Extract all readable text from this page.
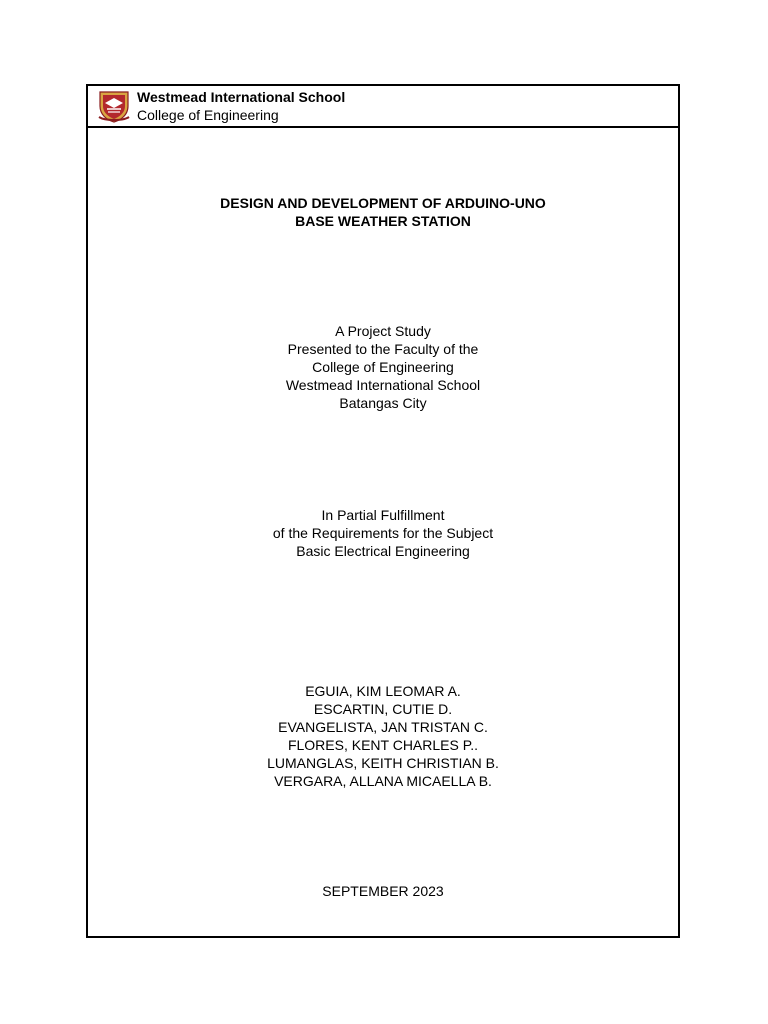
Westmead International School
College of Engineering
DESIGN AND DEVELOPMENT OF ARDUINO-UNO
BASE WEATHER STATION
A Project Study
Presented to the Faculty of the
College of Engineering
Westmead International School
Batangas City
In Partial Fulfillment
of the Requirements for the Subject
Basic Electrical Engineering
EGUIA, KIM LEOMAR A.
ESCARTIN, CUTIE D.
EVANGELISTA, JAN TRISTAN C.
FLORES, KENT CHARLES P..
LUMANGLAS, KEITH CHRISTIAN B.
VERGARA, ALLANA MICAELLA B.
SEPTEMBER 2023
